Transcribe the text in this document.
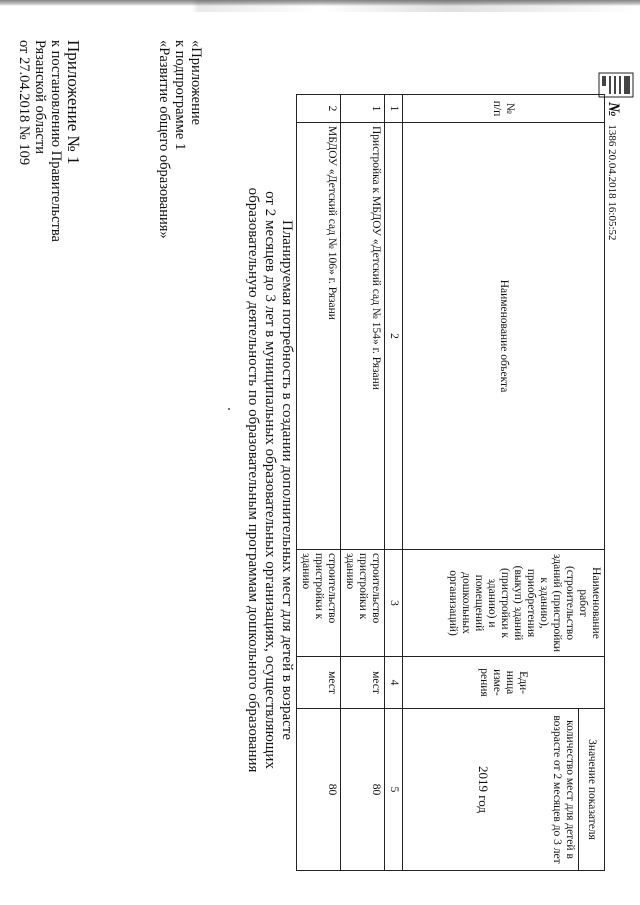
Приложение № 1
к постановлению Правительства
Рязанской области
от 27.04.2018 № 109	«Приложение
к подпрограмме 1
«Развитие общего образования»
Планируемая потребность в создании дополнительных мест для детей в возрасте
от 2 месяцев до 3 лет в муниципальных образовательных организациях, осуществляющих
образовательную деятельность по образовательным программам дошкольного образования
№ п/п	Наименование объекта	Наименование работ (строительство зданий (пристройки к зданию), приобретения (выкуп) зданий (пристройки к зданию) и помещений дошкольных организаций)	Еди-ница изме-рения	Значение показателя

				количество мест для детей в возрасте от 2 месяцев до 3 лет
2019 год

1	2	3	4	5
1	Пристройка к МБДОУ «Детский сад № 154» г. Рязани	строительство пристройки к зданию	мест	80
2	МБДОУ «Детский сад № 106» г. Рязани	строительство пристройки к зданию	мест	80
№ 1386 20.04.2018 16:05:52
